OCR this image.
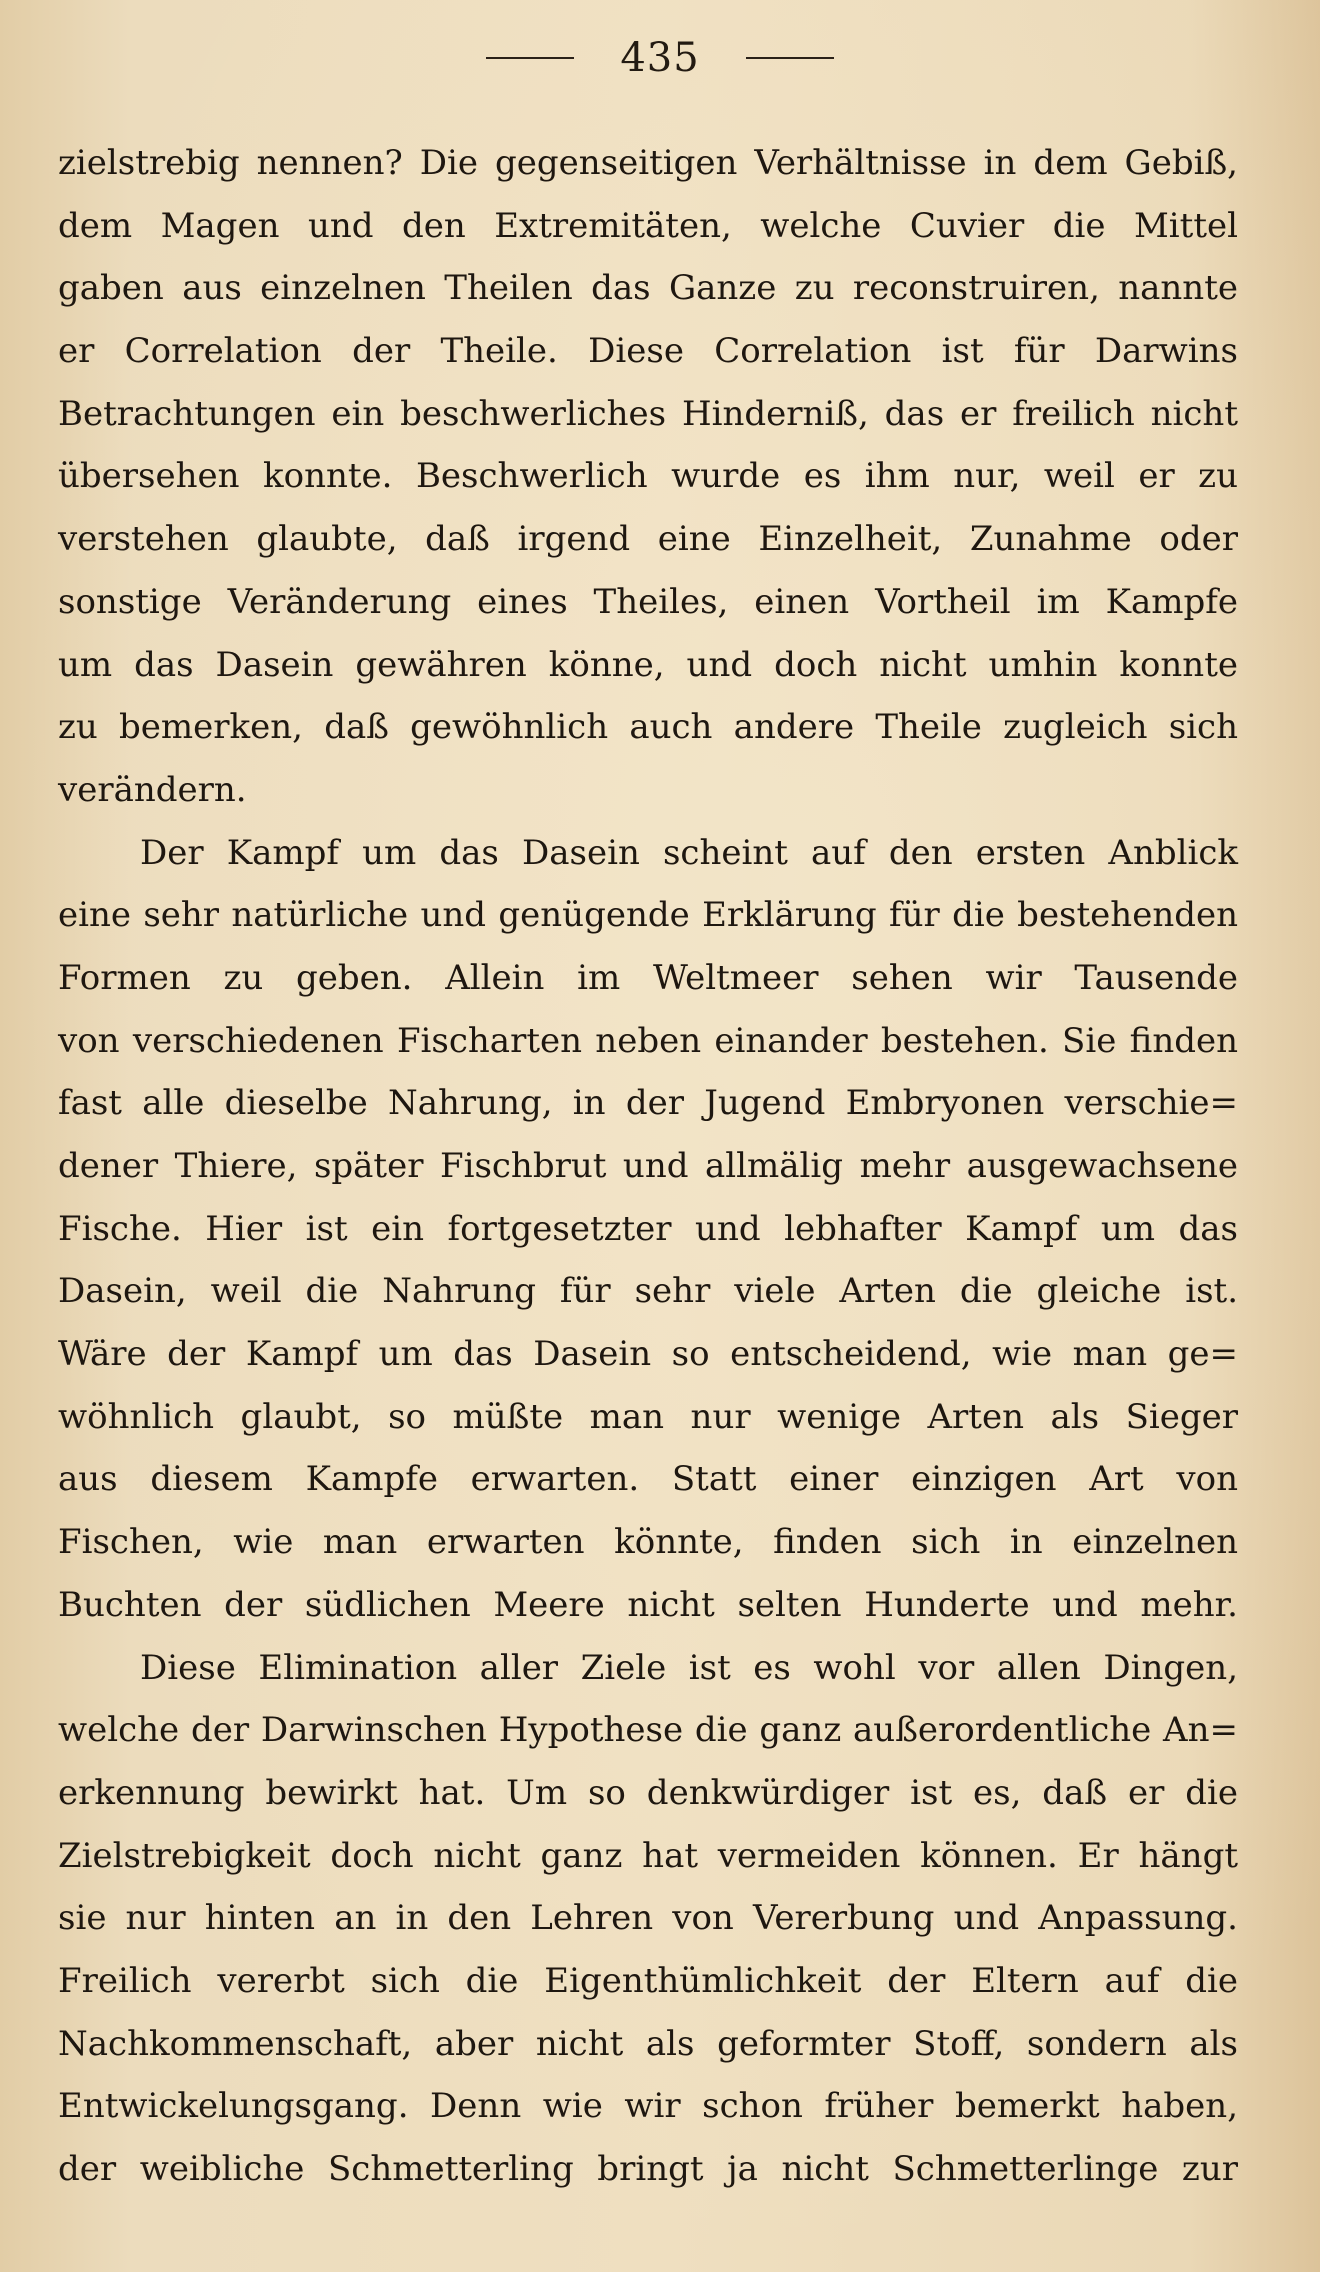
435
zielstrebig nennen? Die gegenseitigen Verhältnisse in dem Gebiß,
dem Magen und den Extremitäten, welche Cuvier die Mittel
gaben aus einzelnen Theilen das Ganze zu reconstruiren, nannte
er Correlation der Theile. Diese Correlation ist für Darwins
Betrachtungen ein beschwerliches Hinderniß, das er freilich nicht
übersehen konnte. Beschwerlich wurde es ihm nur, weil er zu
verstehen glaubte, daß irgend eine Einzelheit, Zunahme oder
sonstige Veränderung eines Theiles, einen Vortheil im Kampfe
um das Dasein gewähren könne, und doch nicht umhin konnte
zu bemerken, daß gewöhnlich auch andere Theile zugleich sich
verändern.
Der Kampf um das Dasein scheint auf den ersten Anblick
eine sehr natürliche und genügende Erklärung für die bestehenden
Formen zu geben. Allein im Weltmeer sehen wir Tausende
von verschiedenen Fischarten neben einander bestehen. Sie finden
fast alle dieselbe Nahrung, in der Jugend Embryonen verschie=
dener Thiere, später Fischbrut und allmälig mehr ausgewachsene
Fische. Hier ist ein fortgesetzter und lebhafter Kampf um das
Dasein, weil die Nahrung für sehr viele Arten die gleiche ist.
Wäre der Kampf um das Dasein so entscheidend, wie man ge=
wöhnlich glaubt, so müßte man nur wenige Arten als Sieger
aus diesem Kampfe erwarten. Statt einer einzigen Art von
Fischen, wie man erwarten könnte, finden sich in einzelnen
Buchten der südlichen Meere nicht selten Hunderte und mehr.
Diese Elimination aller Ziele ist es wohl vor allen Dingen,
welche der Darwinschen Hypothese die ganz außerordentliche An=
erkennung bewirkt hat. Um so denkwürdiger ist es, daß er die
Zielstrebigkeit doch nicht ganz hat vermeiden können. Er hängt
sie nur hinten an in den Lehren von Vererbung und Anpassung.
Freilich vererbt sich die Eigenthümlichkeit der Eltern auf die
Nachkommenschaft, aber nicht als geformter Stoff, sondern als
Entwickelungsgang. Denn wie wir schon früher bemerkt haben,
der weibliche Schmetterling bringt ja nicht Schmetterlinge zur
